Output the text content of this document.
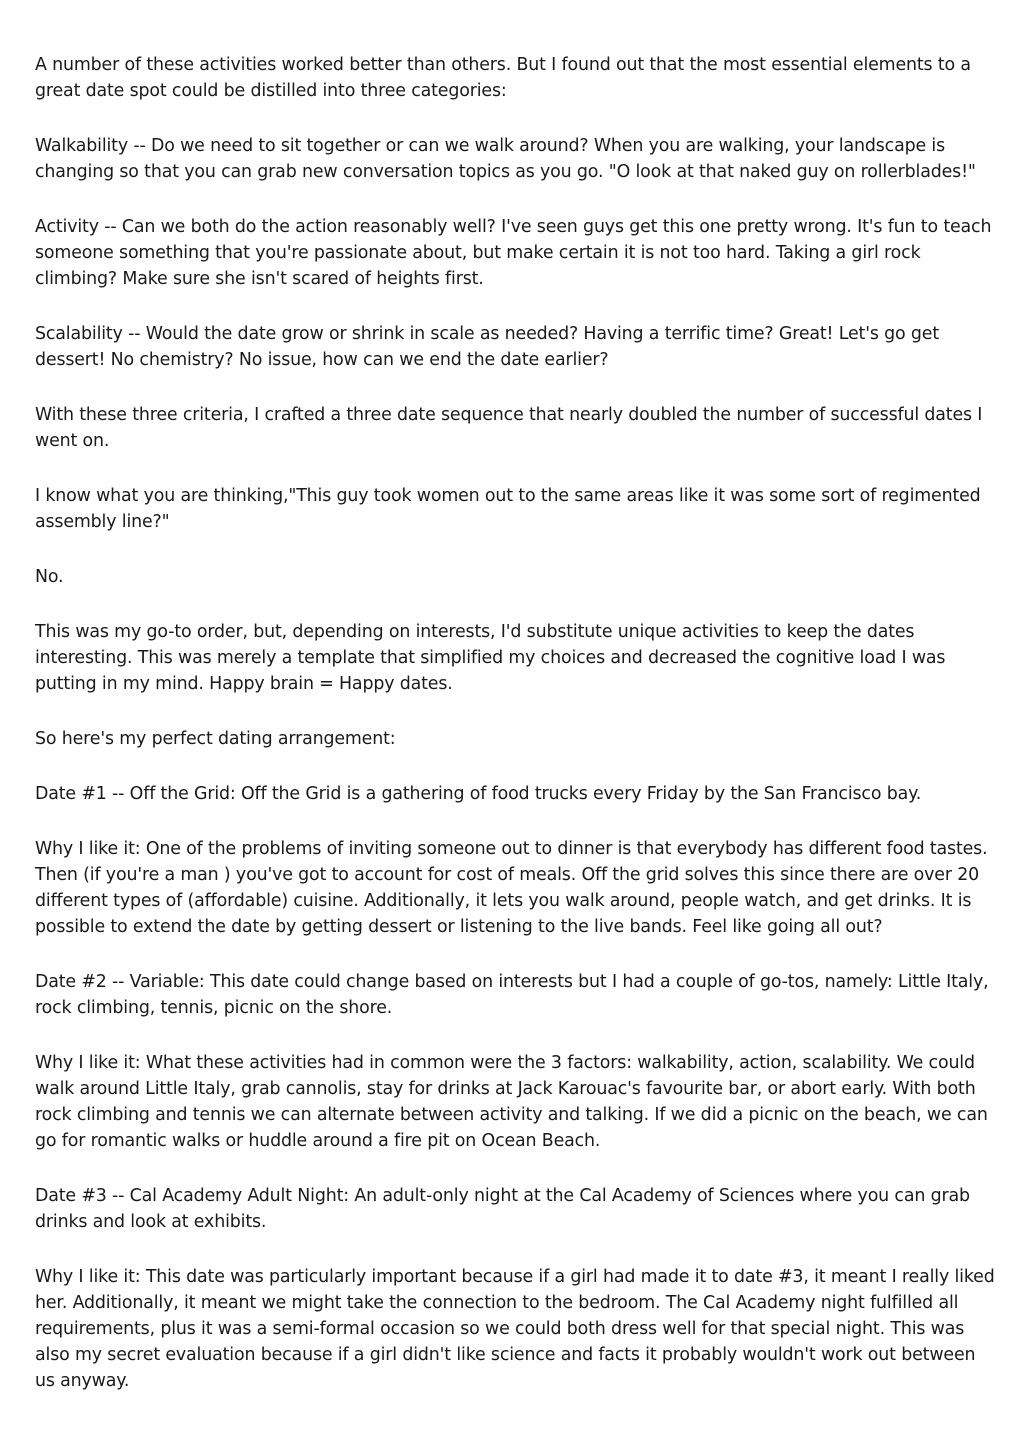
A number of these activities worked better than others. But I found out that the most essential elements to a great date spot could be distilled into three categories:

Walkability -- Do we need to sit together or can we walk around? When you are walking, your landscape is changing so that you can grab new conversation topics as you go. "O look at that naked guy on rollerblades!"

Activity -- Can we both do the action reasonably well? I've seen guys get this one pretty wrong. It's fun to teach someone something that you're passionate about, but make certain it is not too hard. Taking a girl rock climbing? Make sure she isn't scared of heights first.

Scalability -- Would the date grow or shrink in scale as needed? Having a terrific time? Great! Let's go get dessert! No chemistry? No issue, how can we end the date earlier?

With these three criteria, I crafted a three date sequence that nearly doubled the number of successful dates I went on.

I know what you are thinking,"This guy took women out to the same areas like it was some sort of regimented assembly line?"

No.

This was my go-to order, but, depending on interests, I'd substitute unique activities to keep the dates interesting. This was merely a template that simplified my choices and decreased the cognitive load I was putting in my mind. Happy brain = Happy dates.

So here's my perfect dating arrangement:

Date #1 -- Off the Grid: Off the Grid is a gathering of food trucks every Friday by the San Francisco bay.

Why I like it: One of the problems of inviting someone out to dinner is that everybody has different food tastes. Then (if you're a man ) you've got to account for cost of meals. Off the grid solves this since there are over 20 different types of (affordable) cuisine. Additionally, it lets you walk around, people watch, and get drinks. It is possible to extend the date by getting dessert or listening to the live bands. Feel like going all out?

Date #2 -- Variable: This date could change based on interests but I had a couple of go-tos, namely: Little Italy, rock climbing, tennis, picnic on the shore.

Why I like it: What these activities had in common were the 3 factors: walkability, action, scalability. We could walk around Little Italy, grab cannolis, stay for drinks at Jack Karouac's favourite bar, or abort early. With both rock climbing and tennis we can alternate between activity and talking. If we did a picnic on the beach, we can go for romantic walks or huddle around a fire pit on Ocean Beach.

Date #3 -- Cal Academy Adult Night: An adult-only night at the Cal Academy of Sciences where you can grab drinks and look at exhibits.

Why I like it: This date was particularly important because if a girl had made it to date #3, it meant I really liked her. Additionally, it meant we might take the connection to the bedroom. The Cal Academy night fulfilled all requirements, plus it was a semi-formal occasion so we could both dress well for that special night. This was also my secret evaluation because if a girl didn't like science and facts it probably wouldn't work out between us anyway.
